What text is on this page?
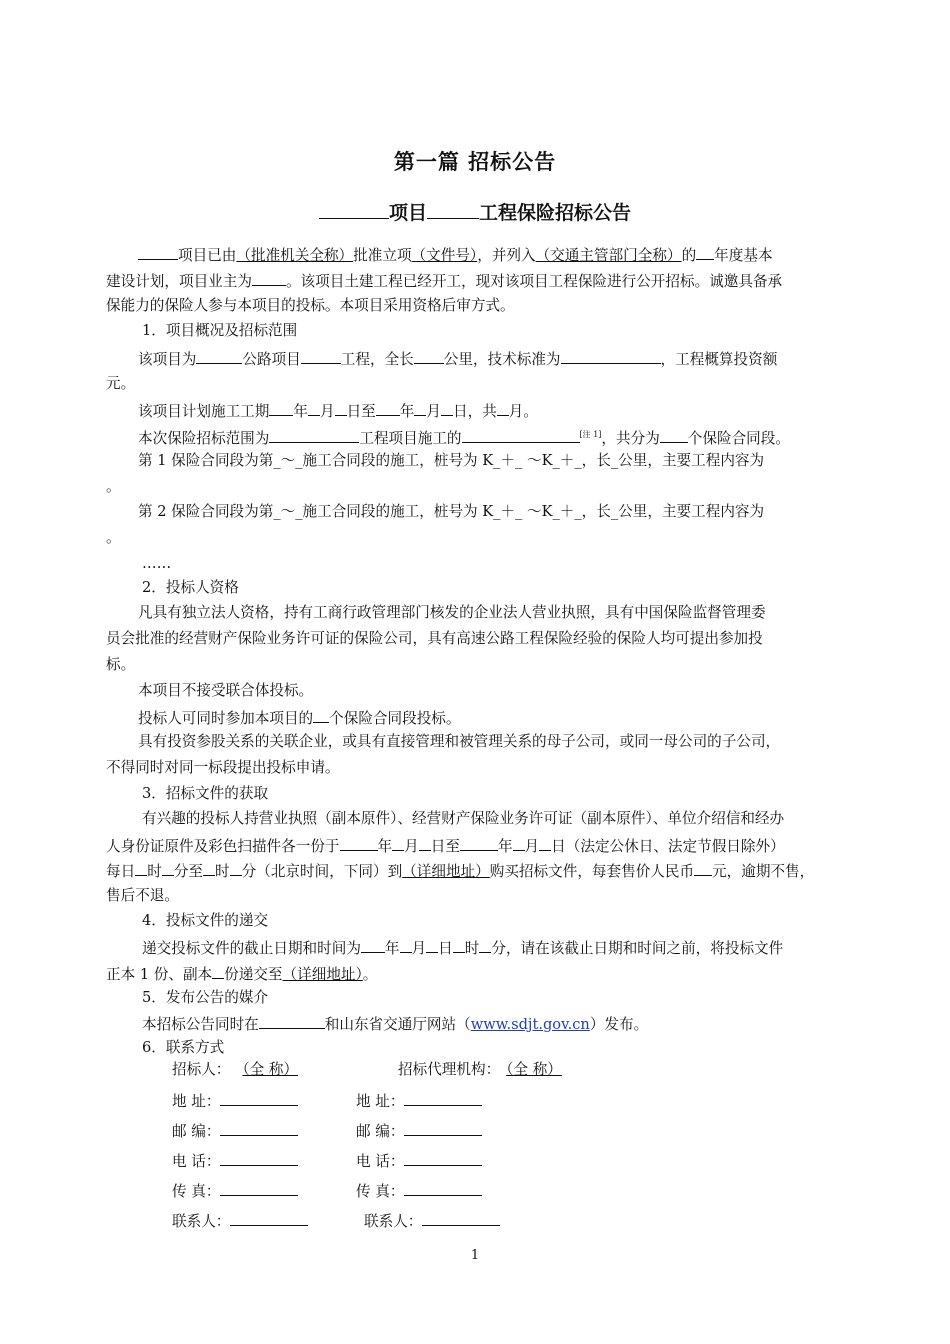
第一篇 招标公告
项目	工程保险招标公告
项目已由（批准机关全称）批准立项（文件号），并列入（交通主管部门全称）的 年度基本
建设计划，项目业主为 。该项目土建工程已经开工，现对该项目工程保险进行公开招标。诚邀具备承
保能力的保险人参与本项目的投标。本项目采用资格后审方式。
1．项目概况及招标范围
该项目为	公路项目	工程，全长 公里，技术标准为	，工程概算投资额
元。
该项目计划施工工期 年 月 日至 年 月 日，共 月。
本次保险招标范围为	工程项目施工的	[注 1]，共分为 个保险合同段。
第 1 保险合同段为第_～_施工合同段的施工，桩号为 K_＋_ ～K_＋_，长_公里，主要工程内容为
。
第 2 保险合同段为第_～_施工合同段的施工，桩号为 K_＋_ ～K_＋_，长_公里，主要工程内容为
。
……
2．投标人资格
凡具有独立法人资格，持有工商行政管理部门核发的企业法人营业执照，具有中国保险监督管理委
员会批准的经营财产保险业务许可证的保险公司，具有高速公路工程保险经验的保险人均可提出参加投
标。
本项目不接受联合体投标。
投标人可同时参加本项目的 个保险合同段投标。
具有投资参股关系的关联企业，或具有直接管理和被管理关系的母子公司，或同一母公司的子公司，
不得同时对同一标段提出投标申请。
3．招标文件的获取
有兴趣的投标人持营业执照（副本原件）、经营财产保险业务许可证（副本原件）、单位介绍信和经办
人身份证原件及彩色扫描件各一份于	年 月 日至	年 月 日（法定公休日、法定节假日除外）
每日 时 分至 时 分（北京时间，下同）到（详细地址）购买招标文件，每套售价人民币 元，逾期不售，
售后不退。
4．投标文件的递交
递交投标文件的截止日期和时间为 年 月 日 时 分，请在该截止日期和时间之前，将投标文件
正本 1 份、副本 份递交至（详细地址）。
5．发布公告的媒介
本招标公告同时在	和山东省交通厅网站（www.sdjt.gov.cn）发布。
6．联系方式
招标人： （全 称）	招标代理机构： （全 称）
地 址：	地 址：
邮 编：	邮 编：
电 话：	电 话：
传 真：	传 真：
联系人：	联系人：
1
